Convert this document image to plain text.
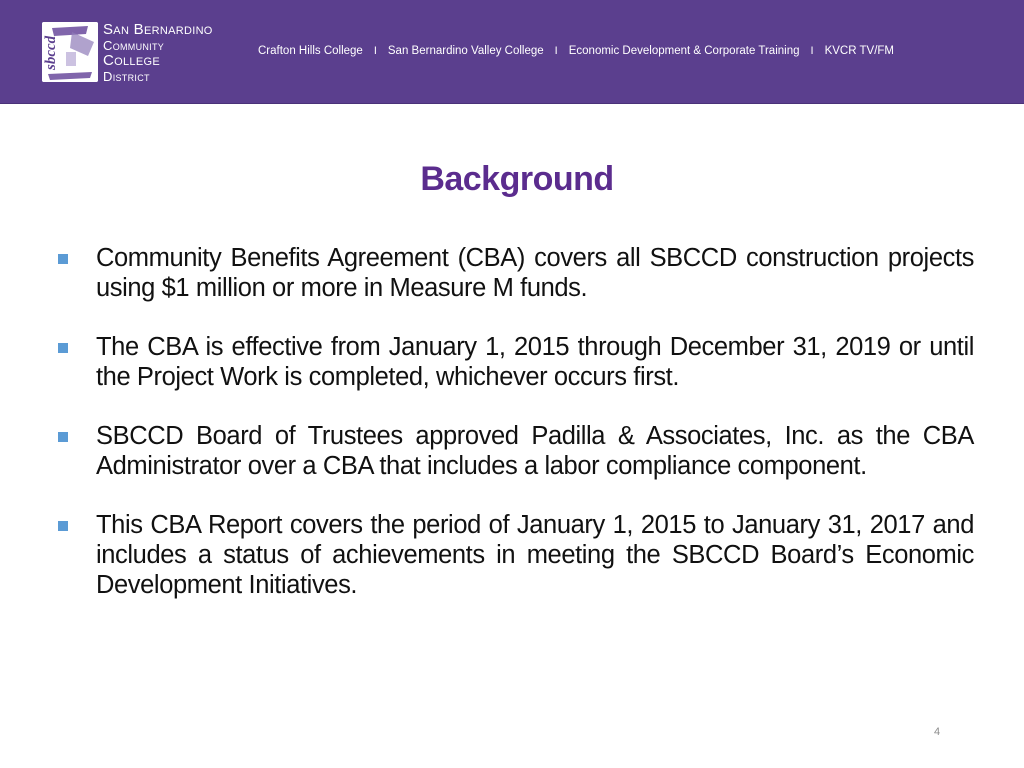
sbccd
San Bernardino
Community
College
District
Crafton Hills College I San Bernardino Valley College I Economic Development & Corporate Training I KVCR TV/FM
Background
Community Benefits Agreement (CBA) covers all SBCCD construction projects using $1 million or more in Measure M funds.
The CBA is effective from January 1, 2015 through December 31, 2019 or until the Project Work is completed, whichever occurs first.
SBCCD Board of Trustees approved Padilla & Associates, Inc. as the CBA Administrator over a CBA that includes a labor compliance component.
This CBA Report covers the period of January 1, 2015 to January 31, 2017 and includes a status of achievements in meeting the SBCCD Board’s Economic Development Initiatives.
4
